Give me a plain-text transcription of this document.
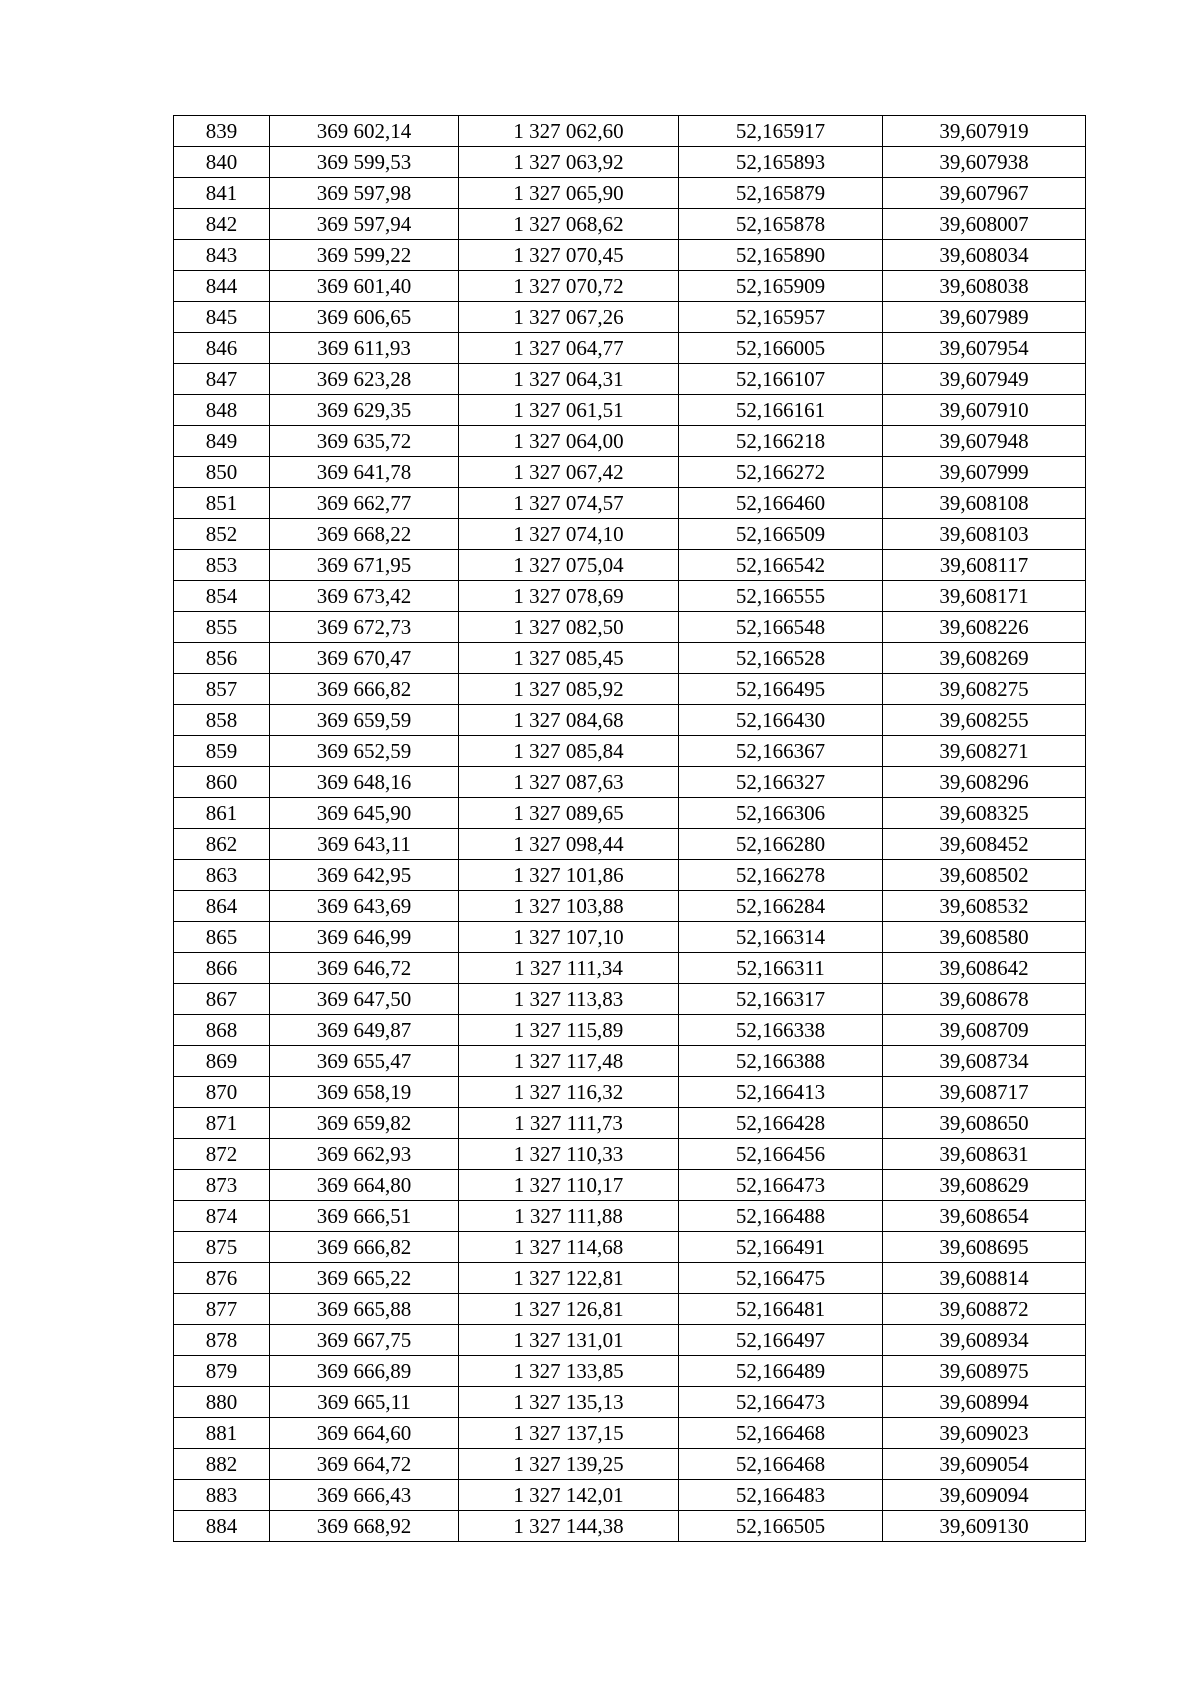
839	369 602,14	1 327 062,60	52,165917	39,607919
840	369 599,53	1 327 063,92	52,165893	39,607938
841	369 597,98	1 327 065,90	52,165879	39,607967
842	369 597,94	1 327 068,62	52,165878	39,608007
843	369 599,22	1 327 070,45	52,165890	39,608034
844	369 601,40	1 327 070,72	52,165909	39,608038
845	369 606,65	1 327 067,26	52,165957	39,607989
846	369 611,93	1 327 064,77	52,166005	39,607954
847	369 623,28	1 327 064,31	52,166107	39,607949
848	369 629,35	1 327 061,51	52,166161	39,607910
849	369 635,72	1 327 064,00	52,166218	39,607948
850	369 641,78	1 327 067,42	52,166272	39,607999
851	369 662,77	1 327 074,57	52,166460	39,608108
852	369 668,22	1 327 074,10	52,166509	39,608103
853	369 671,95	1 327 075,04	52,166542	39,608117
854	369 673,42	1 327 078,69	52,166555	39,608171
855	369 672,73	1 327 082,50	52,166548	39,608226
856	369 670,47	1 327 085,45	52,166528	39,608269
857	369 666,82	1 327 085,92	52,166495	39,608275
858	369 659,59	1 327 084,68	52,166430	39,608255
859	369 652,59	1 327 085,84	52,166367	39,608271
860	369 648,16	1 327 087,63	52,166327	39,608296
861	369 645,90	1 327 089,65	52,166306	39,608325
862	369 643,11	1 327 098,44	52,166280	39,608452
863	369 642,95	1 327 101,86	52,166278	39,608502
864	369 643,69	1 327 103,88	52,166284	39,608532
865	369 646,99	1 327 107,10	52,166314	39,608580
866	369 646,72	1 327 111,34	52,166311	39,608642
867	369 647,50	1 327 113,83	52,166317	39,608678
868	369 649,87	1 327 115,89	52,166338	39,608709
869	369 655,47	1 327 117,48	52,166388	39,608734
870	369 658,19	1 327 116,32	52,166413	39,608717
871	369 659,82	1 327 111,73	52,166428	39,608650
872	369 662,93	1 327 110,33	52,166456	39,608631
873	369 664,80	1 327 110,17	52,166473	39,608629
874	369 666,51	1 327 111,88	52,166488	39,608654
875	369 666,82	1 327 114,68	52,166491	39,608695
876	369 665,22	1 327 122,81	52,166475	39,608814
877	369 665,88	1 327 126,81	52,166481	39,608872
878	369 667,75	1 327 131,01	52,166497	39,608934
879	369 666,89	1 327 133,85	52,166489	39,608975
880	369 665,11	1 327 135,13	52,166473	39,608994
881	369 664,60	1 327 137,15	52,166468	39,609023
882	369 664,72	1 327 139,25	52,166468	39,609054
883	369 666,43	1 327 142,01	52,166483	39,609094
884	369 668,92	1 327 144,38	52,166505	39,609130
